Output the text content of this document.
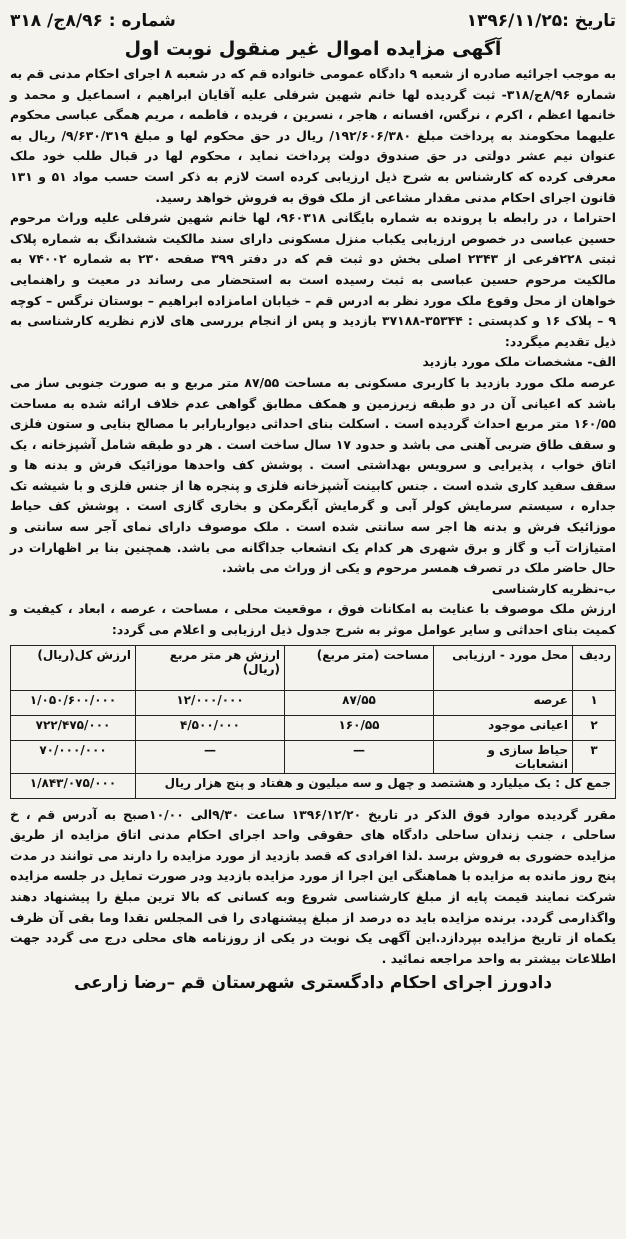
تاریخ :۱۳۹۶/۱۱/۲۵
شماره : ۸/۹۶ج/ ۳۱۸
آگهی مزایده اموال غیر منقول نوبت اول

به موجب اجرائیه صادره از شعبه ۹ دادگاه عمومی خانواده قم که در شعبه ۸ اجرای احکام مدنی قم به شماره ۸/۹۶ج/۳۱۸- ثبت گردیده لها خانم شهین شرفلی علیه آقایان ابراهیم ، اسماعیل و محمد و خانمها اعظم ، اکرم ، نرگس، افسانه ، هاجر ، نسرین ، فریده ، فاطمه ، مریم همگی عباسی محکوم علیهما محکومند به پرداخت مبلغ ۱۹۲/۶۰۶/۳۸۰/ ریال در حق محکوم لها و مبلغ ۹/۶۳۰/۳۱۹/ ریال به عنوان نیم عشر دولتی در حق صندوق دولت پرداخت نماید ، محکوم لها در قبال طلب خود ملک معرفی کرده که کارشناس به شرح ذیل ارزیابی کرده است لازم به ذکر است حسب مواد ۵۱ و ۱۳۱ قانون اجرای احکام مدنی مقدار مشاعی از ملک فوق به فروش خواهد رسید.

احتراما ، در رابطه با پرونده به شماره بایگانی ۹۶۰۳۱۸، لها خانم شهین شرفلی علیه وراث مرحوم حسین عباسی در خصوص ارزیابی یکباب منزل مسکونی دارای سند مالکیت ششدانگ به شماره پلاک ثبتی ۲۲۸فرعی از ۲۳۴۳ اصلی بخش دو ثبت قم که در دفتر ۳۹۹ صفحه ۲۳۰ به شماره ۷۴۰۰۲ به مالکیت مرحوم حسین عباسی به ثبت رسیده است به استحضار می رساند در معیت و راهنمایی خواهان از محل وقوع ملک مورد نظر به ادرس قم – خیابان امامزاده ابراهیم – بوستان نرگس – کوچه ۹ – پلاک ۱۶ و کدپستی : ۳۵۳۴۴-۳۷۱۸۸ بازدید و پس از انجام بررسی های لازم نظریه کارشناسی به ذیل تقدیم میگردد:

الف- مشخصات ملک مورد بازدید

عرصه ملک مورد بازدید با کاربری مسکونی به مساحت ۸۷/۵۵ متر مربع و به صورت جنوبی ساز می باشد که اعیانی آن در دو طبقه زیرزمین و همکف مطابق گواهی عدم خلاف ارائه شده به مساحت ۱۶۰/۵۵ متر مربع احداث گردیده است . اسکلت بنای احداثی دیواربارابر با مصالح بنایی و ستون فلزی و سقف طاق ضربی آهنی می باشد و حدود ۱۷ سال ساخت است . هر دو طبقه شامل آشپزخانه ، یک اتاق خواب ، پذیرایی و سرویس بهداشتی است . پوشش کف واحدها موزائیک فرش و بدنه ها و سقف سفید کاری شده است . جنس کابینت آشپزخانه فلزی و پنجره ها از جنس فلزی و با شیشه تک جداره ، سیستم سرمایش کولر آبی و گرمایش آبگرمکن و بخاری گازی است . پوشش کف حیاط موزائیک فرش و بدنه ها اجر سه سانتی شده است . ملک موصوف دارای نمای آجر سه سانتی و امتیازات آب و گاز و برق شهری هر کدام یک انشعاب جداگانه می باشد. همچنین بنا بر اظهارات در حال حاضر ملک در تصرف همسر مرحوم و یکی از وراث می باشد.

ب-نظریه کارشناسی

ارزش ملک موصوف با عنایت به امکانات فوق ، موقعیت محلی ، مساحت ، عرصه ، ابعاد ، کیفیت و کمیت بنای احداثی و سایر عوامل موثر به شرح جدول ذیل ارزیابی و اعلام می گردد:

ردیف	محل مورد - ارزیابی	مساحت (متر مربع)	ارزش هر متر مربع (ریال)	ارزش کل(ریال)
۱	عرصه	۸۷/۵۵	۱۲/۰۰۰/۰۰۰	۱/۰۵۰/۶۰۰/۰۰۰
۲	اعیانی موجود	۱۶۰/۵۵	۴/۵۰۰/۰۰۰	۷۲۲/۴۷۵/۰۰۰
۳	حیاط سازی و انشعابات	—	—	۷۰/۰۰۰/۰۰۰
جمع کل : یک میلیارد و هشتصد و چهل و سه میلیون و هفتاد و پنج هزار ریال				۱/۸۴۳/۰۷۵/۰۰۰

مقرر گردیده موارد فوق الذکر در تاریخ ۱۳۹۶/۱۲/۲۰ ساعت ۹/۳۰الی ۱۰/۰۰صبح به آدرس قم ، خ ساحلی ، جنب زندان ساحلی دادگاه های حقوقی واحد اجرای احکام مدنی اتاق مزایده از طریق مزایده حضوری به فروش برسد .لذا افرادی که قصد بازدید از مورد مزایده را دارند می توانند در مدت پنج روز مانده به مزایده با هماهنگی این اجرا از مورد مزایده بازدید ودر صورت تمایل در جلسه مزایده شرکت نمایند قیمت پایه از مبلغ کارشناسی شروع وبه کسانی که بالا ترین مبلغ را پیشنهاد دهند واگذارمی گردد. برنده مزایده باید ده درصد از مبلغ پیشنهادی را فی المجلس نقدا وما بقی آن ظرف یکماه از تاریخ مزایده بپردازد.این آگهی یک نوبت در یکی از روزنامه های محلی درج می گردد جهت اطلاعات بیشتر به واحد مراجعه نمائید .

دادورز اجرای احکام دادگستری شهرستان قم –رضا زارعی
